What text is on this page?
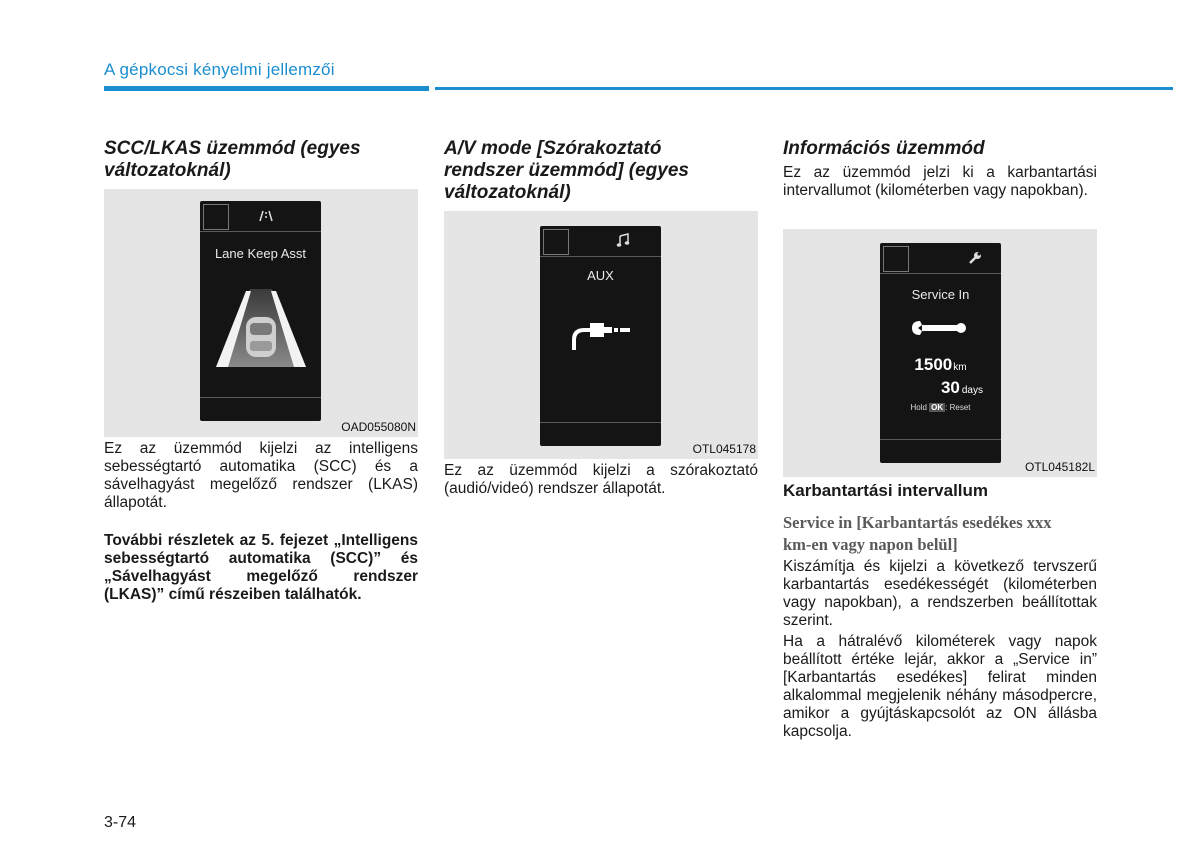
A gépkocsi kényelmi jellemzői

SCC/LKAS üzemmód (egyes változatoknál)

Lane Keep Asst
OAD055080N

Ez az üzemmód kijelzi az intelligens sebességtartó automatika (SCC) és a sávelhagyást megelőző rendszer (LKAS) állapotát.

További részletek az 5. fejezet „Intelligens sebességtartó automatika (SCC)” és „Sávelhagyást megelőző rendszer (LKAS)” című részeiben találhatók.

A/V mode [Szórakoztató rendszer üzemmód] (egyes változatoknál)

AUX
OTL045178

Ez az üzemmód kijelzi a szórakoztató (audió/videó) rendszer állapotát.

Információs üzemmód

Ez az üzemmód jelzi ki a karbantartási intervallumot (kilométerben vagy napokban).

Service In
1500km
30 days
Hold OK : Reset
OTL045182L

Karbantartási intervallum

Service in [Karbantartás esedékes xxx km-en vagy napon belül]

Kiszámítja és kijelzi a következő tervszerű karbantartás esedékességét (kilométerben vagy napokban), a rendszerben beállítottak szerint.

Ha a hátralévő kilométerek vagy napok beállított értéke lejár, akkor a „Service in” [Karbantartás esedékes] felirat minden alkalommal megjelenik néhány másodpercre, amikor a gyújtáskapcsolót az ON állásba kapcsolja.

3-74
